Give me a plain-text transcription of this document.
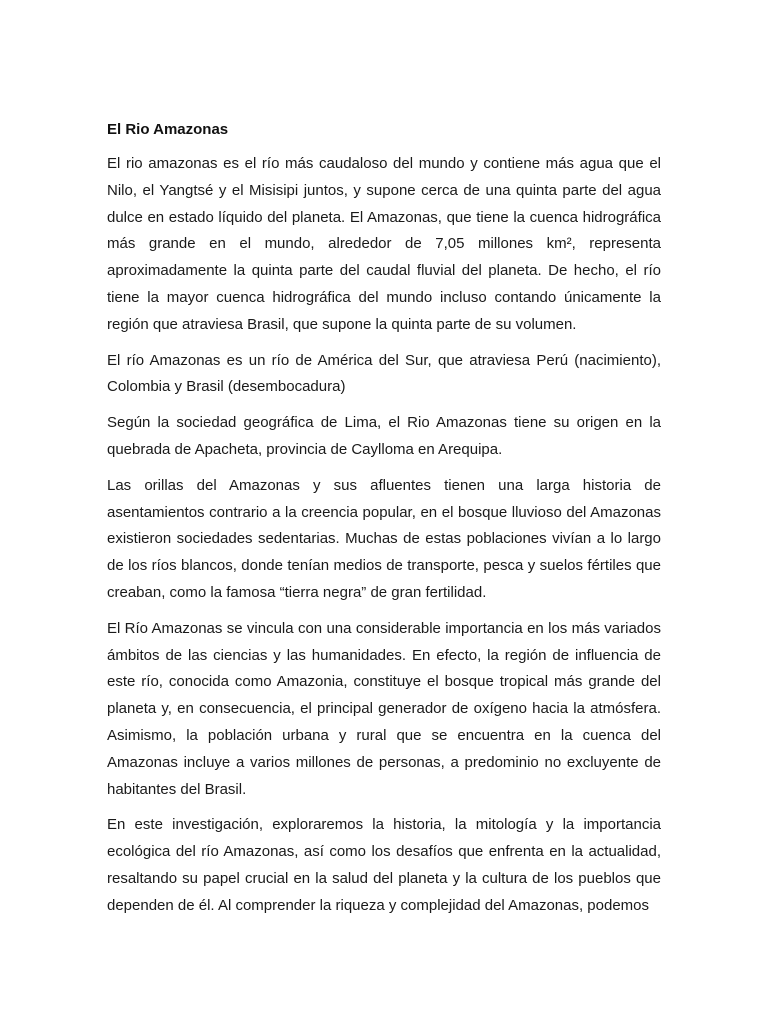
El Rio Amazonas

El rio amazonas es el río más caudaloso del mundo y contiene más agua que el Nilo, el Yangtsé y el Misisipi juntos, y supone cerca de una quinta parte del agua dulce en estado líquido del planeta. El Amazonas, que tiene la cuenca hidrográfica más grande en el mundo, alrededor de 7,05 millones km², representa aproximadamente la quinta parte del caudal fluvial del planeta. De hecho, el río tiene la mayor cuenca hidrográfica del mundo incluso contando únicamente la región que atraviesa Brasil, que supone la quinta parte de su volumen.

El río Amazonas es un río de América del Sur, que atraviesa Perú (nacimiento), Colombia y Brasil (desembocadura)

Según la sociedad geográfica de Lima, el Rio Amazonas tiene su origen en la quebrada de Apacheta, provincia de Caylloma en Arequipa.

Las orillas del Amazonas y sus afluentes tienen una larga historia de asentamientos contrario a la creencia popular, en el bosque lluvioso del Amazonas existieron sociedades sedentarias. Muchas de estas poblaciones vivían a lo largo de los ríos blancos, donde tenían medios de transporte, pesca y suelos fértiles que creaban, como la famosa “tierra negra” de gran fertilidad.

El Río Amazonas se vincula con una considerable importancia en los más variados ámbitos de las ciencias y las humanidades. En efecto, la región de influencia de este río, conocida como Amazonia, constituye el bosque tropical más grande del planeta y, en consecuencia, el principal generador de oxígeno hacia la atmósfera. Asimismo, la población urbana y rural que se encuentra en la cuenca del Amazonas incluye a varios millones de personas, a predominio no excluyente de habitantes del Brasil.

En este investigación, exploraremos la historia, la mitología y la importancia ecológica del río Amazonas, así como los desafíos que enfrenta en la actualidad, resaltando su papel crucial en la salud del planeta y la cultura de los pueblos que dependen de él. Al comprender la riqueza y complejidad del Amazonas, podemos
